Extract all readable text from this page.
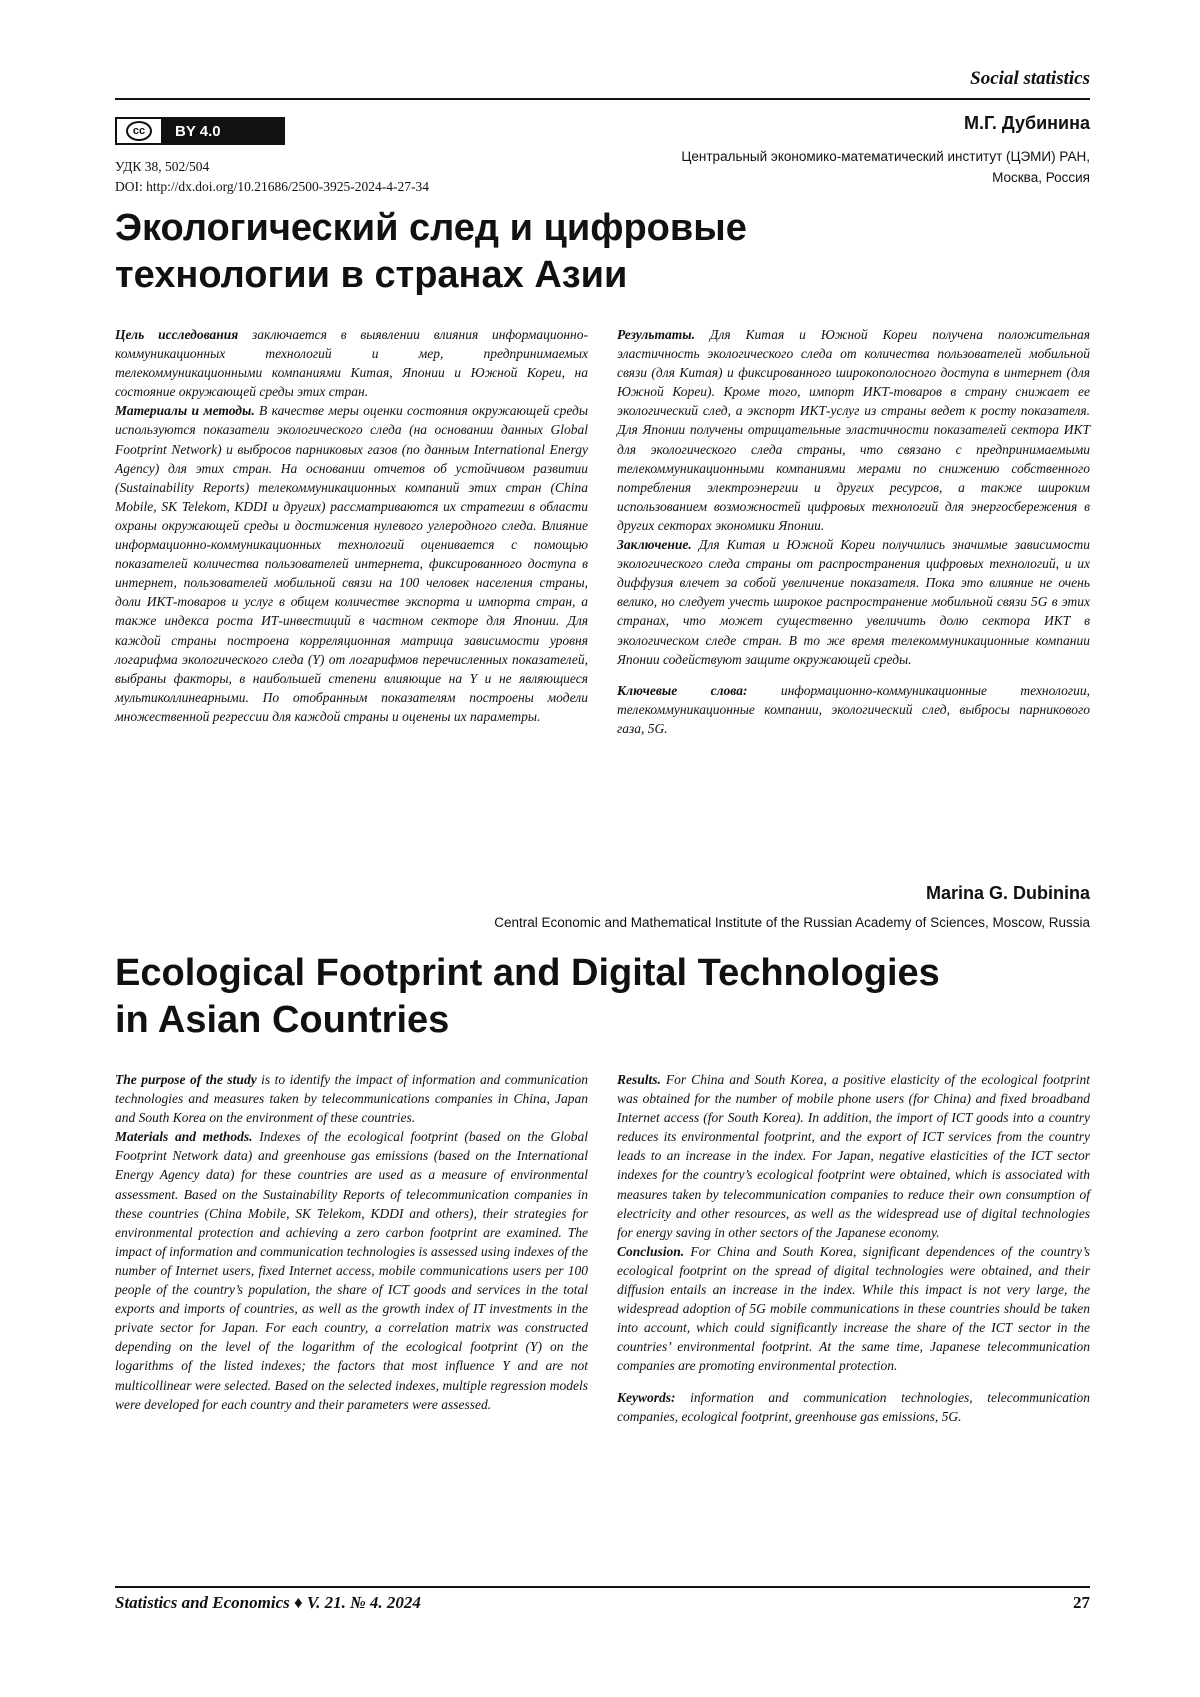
Social statistics
cc	BY 4.0
УДК 38, 502/504
DOI: http://dx.doi.org/10.21686/2500-3925-2024-4-27-34
М.Г. Дубинина
Центральный экономико-математический институт (ЦЭМИ) РАН,
Москва, Россия
Экологический след и цифровые
технологии в странах Азии

Цель исследования заключается в выявлении влияния информационно-коммуникационных технологий и мер, предпринимаемых телекоммуникационными компаниями Китая, Японии и Южной Кореи, на состояние окружающей среды этих стран.

Материалы и методы. В качестве меры оценки состояния окружающей среды используются показатели экологического следа (на основании данных Global Footprint Network) и выбросов парниковых газов (по данным International Energy Agency) для этих стран. На основании отчетов об устойчивом развитии (Sustainability Reports) телекоммуникационных компаний этих стран (China Mobile, SK Telekom, KDDI и других) рассматриваются их стратегии в области охраны окружающей среды и достижения нулевого углеродного следа. Влияние информационно-коммуникационных технологий оценивается с помощью показателей количества пользователей интернета, фиксированного доступа в интернет, пользователей мобильной связи на 100 человек населения страны, доли ИКТ-товаров и услуг в общем количестве экспорта и импорта стран, а также индекса роста ИТ-инвестиций в частном секторе для Японии. Для каждой страны построена корреляционная матрица зависимости уровня логарифма экологического следа (Y) от логарифмов перечисленных показателей, выбраны факторы, в наибольшей степени влияющие на Y и не являющиеся мультиколлинеарными. По отобранным показателям построены модели множественной регрессии для каждой страны и оценены их параметры.

Результаты. Для Китая и Южной Кореи получена положительная эластичность экологического следа от количества пользователей мобильной связи (для Китая) и фиксированного широкополосного доступа в интернет (для Южной Кореи). Кроме того, импорт ИКТ-товаров в страну снижает ее экологический след, а экспорт ИКТ-услуг из страны ведет к росту показателя. Для Японии получены отрицательные эластичности показателей сектора ИКТ для экологического следа страны, что связано с предпринимаемыми телекоммуникационными компаниями мерами по снижению собственного потребления электроэнергии и других ресурсов, а также широким использованием возможностей цифровых технологий для энергосбережения в других секторах экономики Японии.

Заключение. Для Китая и Южной Кореи получились значимые зависимости экологического следа страны от распространения цифровых технологий, и их диффузия влечет за собой увеличение показателя. Пока это влияние не очень велико, но следует учесть широкое распространение мобильной связи 5G в этих странах, что может существенно увеличить долю сектора ИКТ в экологическом следе стран. В то же время телекоммуникационные компании Японии содействуют защите окружающей среды.

Ключевые слова: информационно-коммуникационные технологии, телекоммуникационные компании, экологический след, выбросы парникового газа, 5G.

Marina G. Dubinina
Central Economic and Mathematical Institute of the Russian Academy of Sciences, Moscow, Russia
Ecological Footprint and Digital Technologies
in Asian Countries

The purpose of the study is to identify the impact of information and communication technologies and measures taken by telecommunications companies in China, Japan and South Korea on the environment of these countries.

Materials and methods. Indexes of the ecological footprint (based on the Global Footprint Network data) and greenhouse gas emissions (based on the International Energy Agency data) for these countries are used as a measure of environmental assessment. Based on the Sustainability Reports of telecommunication companies in these countries (China Mobile, SK Telekom, KDDI and others), their strategies for environmental protection and achieving a zero carbon footprint are examined. The impact of information and communication technologies is assessed using indexes of the number of Internet users, fixed Internet access, mobile communications users per 100 people of the country’s population, the share of ICT goods and services in the total exports and imports of countries, as well as the growth index of IT investments in the private sector for Japan. For each country, a correlation matrix was constructed depending on the level of the logarithm of the ecological footprint (Y) on the logarithms of the listed indexes; the factors that most influence Y and are not multicollinear were selected. Based on the selected indexes, multiple regression models were developed for each country and their parameters were assessed.

Results. For China and South Korea, a positive elasticity of the ecological footprint was obtained for the number of mobile phone users (for China) and fixed broadband Internet access (for South Korea). In addition, the import of ICT goods into a country reduces its environmental footprint, and the export of ICT services from the country leads to an increase in the index. For Japan, negative elasticities of the ICT sector indexes for the country’s ecological footprint were obtained, which is associated with measures taken by telecommunication companies to reduce their own consumption of electricity and other resources, as well as the widespread use of digital technologies for energy saving in other sectors of the Japanese economy.

Conclusion. For China and South Korea, significant dependences of the country’s ecological footprint on the spread of digital technologies were obtained, and their diffusion entails an increase in the index. While this impact is not very large, the widespread adoption of 5G mobile communications in these countries should be taken into account, which could significantly increase the share of the ICT sector in the countries’ environmental footprint. At the same time, Japanese telecommunication companies are promoting environmental protection.

Keywords: information and communication technologies, telecommunication companies, ecological footprint, greenhouse gas emissions, 5G.

Statistics and Economics ♦ V. 21. № 4. 2024	27
